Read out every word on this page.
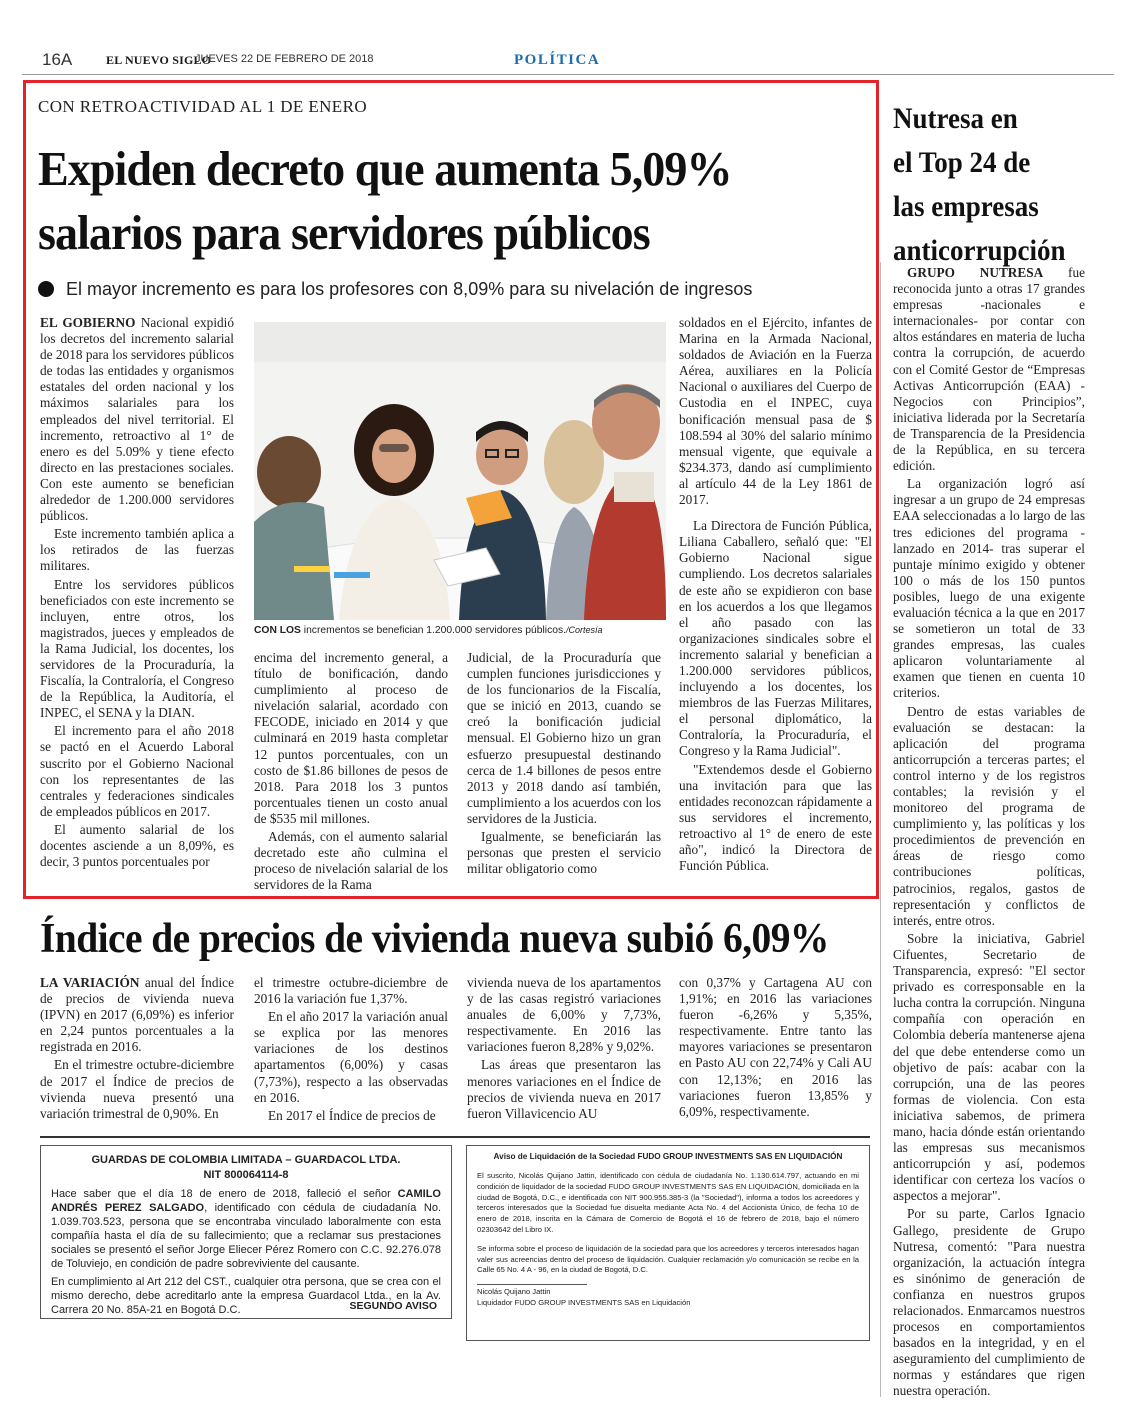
16A	EL NUEVO SIGLO
JUEVES 22 DE FEBRERO DE 2018	POLÍTICA
CON RETROACTIVIDAD AL 1 DE ENERO
Expiden decreto que aumenta 5,09%
salarios para servidores públicos
El mayor incremento es para los profesores con 8,09% para su nivelación de ingresos

EL GOBIERNO Nacional expidió los decretos del incremento salarial de 2018 para los servidores públicos de todas las entidades y organismos estatales del orden nacional y los máximos salariales para los empleados del nivel territorial. El incremento, retroactivo al 1° de enero es del 5.09% y tiene efecto directo en las prestaciones sociales. Con este aumento se benefician alrededor de 1.200.000 servidores públicos.

Este incremento también aplica a los retirados de las fuerzas militares.

Entre los servidores públicos beneficiados con este incremento se incluyen, entre otros, los magistrados, jueces y empleados de la Rama Judicial, los docentes, los servidores de la Procuraduría, la Fiscalía, la Contraloría, el Congreso de la República, la Auditoría, el INPEC, el SENA y la DIAN.

El incremento para el año 2018 se pactó en el Acuerdo Laboral suscrito por el Gobierno Nacional con los representantes de las centrales y federaciones sindicales de empleados públicos en 2017.

El aumento salarial de los docentes asciende a un 8,09%, es decir, 3 puntos porcentuales por

CON LOS incrementos se benefician 1.200.000 servidores públicos./Cortesía

encima del incremento general, a título de bonificación, dando cumplimiento al proceso de nivelación salarial, acordado con FECODE, iniciado en 2014 y que culminará en 2019 hasta completar 12 puntos porcentuales, con un costo de $1.86 billones de pesos de 2018. Para 2018 los 3 puntos porcentuales tienen un costo anual de $535 mil millones.

Además, con el aumento salarial decretado este año culmina el proceso de nivelación salarial de los servidores de la Rama

Judicial, de la Procuraduría que cumplen funciones jurisdicciones y de los funcionarios de la Fiscalía, que se inició en 2013, cuando se creó la bonificación judicial mensual. El Gobierno hizo un gran esfuerzo presupuestal destinando cerca de 1.4 billones de pesos entre 2013 y 2018 dando así también, cumplimiento a los acuerdos con los servidores de la Justicia.

Igualmente, se beneficiarán las personas que presten el servicio militar obligatorio como

soldados en el Ejército, infantes de Marina en la Armada Nacional, soldados de Aviación en la Fuerza Aérea, auxiliares en la Policía Nacional o auxiliares del Cuerpo de Custodia en el INPEC, cuya bonificación mensual pasa de $ 108.594 al 30% del salario mínimo mensual vigente, que equivale a $234.373, dando así cumplimiento al artículo 44 de la Ley 1861 de 2017.

La Directora de Función Pública, Liliana Caballero, señaló que: "El Gobierno Nacional sigue cumpliendo. Los decretos salariales de este año se expidieron con base en los acuerdos a los que llegamos el año pasado con las organizaciones sindicales sobre el incremento salarial y benefician a 1.200.000 servidores públicos, incluyendo a los docentes, los miembros de las Fuerzas Militares, el personal diplomático, la Contraloría, la Procuraduría, el Congreso y la Rama Judicial".

"Extendemos desde el Gobierno una invitación para que las entidades reconozcan rápidamente a sus servidores el incremento, retroactivo al 1° de enero de este año", indicó la Directora de Función Pública.

Nutresa en
el Top 24 de
las empresas
anticorrupción

GRUPO NUTRESA fue reconocida junto a otras 17 grandes empresas -nacionales e internacionales- por contar con altos estándares en materia de lucha contra la corrupción, de acuerdo con el Comité Gestor de “Empresas Activas Anticorrupción (EAA) - Negocios con Principios”, iniciativa liderada por la Secretaría de Transparencia de la Presidencia de la República, en su tercera edición.

La organización logró así ingresar a un grupo de 24 empresas EAA seleccionadas a lo largo de las tres ediciones del programa -lanzado en 2014- tras superar el puntaje mínimo exigido y obtener 100 o más de los 150 puntos posibles, luego de una exigente evaluación técnica a la que en 2017 se sometieron un total de 33 grandes empresas, las cuales aplicaron voluntariamente al examen que tienen en cuenta 10 criterios.

Dentro de estas variables de evaluación se destacan: la aplicación del programa anticorrupción a terceras partes; el control interno y de los registros contables; la revisión y el monitoreo del programa de cumplimiento y, las políticas y los procedimientos de prevención en áreas de riesgo como contribuciones políticas, patrocinios, regalos, gastos de representación y conflictos de interés, entre otros.

Sobre la iniciativa, Gabriel Cifuentes, Secretario de Transparencia, expresó: "El sector privado es corresponsable en la lucha contra la corrupción. Ninguna compañía con operación en Colombia debería mantenerse ajena del que debe entenderse como un objetivo de país: acabar con la corrupción, una de las peores formas de violencia. Con esta iniciativa sabemos, de primera mano, hacia dónde están orientando las empresas sus mecanismos anticorrupción y así, podemos identificar con certeza los vacíos o aspectos a mejorar".

Por su parte, Carlos Ignacio Gallego, presidente de Grupo Nutresa, comentó: "Para nuestra organización, la actuación íntegra es sinónimo de generación de confianza en nuestros grupos relacionados. Enmarcamos nuestros procesos en comportamientos basados en la integridad, y en el aseguramiento del cumplimiento de normas y estándares que rigen nuestra operación.

Índice de precios de vivienda nueva subió 6,09%

LA VARIACIÓN anual del Índice de precios de vivienda nueva (IPVN) en 2017 (6,09%) es inferior en 2,24 puntos porcentuales a la registrada en 2016.

En el trimestre octubre-diciembre de 2017 el Índice de precios de vivienda nueva presentó una variación trimestral de 0,90%. En

el trimestre octubre-diciembre de 2016 la variación fue 1,37%.

En el año 2017 la variación anual se explica por las menores variaciones de los destinos apartamentos (6,00%) y casas (7,73%), respecto a las observadas en 2016.

En 2017 el Índice de precios de

vivienda nueva de los apartamentos y de las casas registró variaciones anuales de 6,00% y 7,73%, respectivamente. En 2016 las variaciones fueron 8,28% y 9,02%.

Las áreas que presentaron las menores variaciones en el Índice de precios de vivienda nueva en 2017 fueron Villavicencio AU

con 0,37% y Cartagena AU con 1,91%; en 2016 las variaciones fueron -6,26% y 5,35%, respectivamente. Entre tanto las mayores variaciones se presentaron en Pasto AU con 22,74% y Cali AU con 12,13%; en 2016 las variaciones fueron 13,85% y 6,09%, respectivamente.

GUARDAS DE COLOMBIA LIMITADA – GUARDACOL LTDA.
NIT 800064114-8
Hace saber que el día 18 de enero de 2018, falleció el señor CAMILO ANDRÉS PEREZ SALGADO, identificado con cédula de ciudadanía No. 1.039.703.523, persona que se encontraba vinculado laboralmente con esta compañía hasta el día de su fallecimiento; que a reclamar sus prestaciones sociales se presentó el señor Jorge Eliecer Pérez Romero con C.C. 92.276.078 de Toluviejo, en condición de padre sobreviviente del causante.
En cumplimiento al Art 212 del CST., cualquier otra persona, que se crea con el mismo derecho, debe acreditarlo ante la empresa Guardacol Ltda., en la Av. Carrera 20 No. 85A-21 en Bogotá D.C.	SEGUNDO AVISO
Aviso de Liquidación de la Sociedad FUDO GROUP INVESTMENTS SAS EN LIQUIDACIÓN
El suscrito, Nicolás Quijano Jattin, identificado con cédula de ciudadanía No. 1.130.614.797, actuando en mi condición de liquidador de la sociedad FUDO GROUP INVESTMENTS SAS EN LIQUIDACIÓN, domiciliada en la ciudad de Bogotá, D.C., e identificada con NIT 900.955.385-3 (la "Sociedad"), informa a todos los acreedores y terceros interesados que la Sociedad fue disuelta mediante Acta No. 4 del Accionista Único, de fecha 10 de enero de 2018, inscrita en la Cámara de Comercio de Bogotá el 16 de febrero de 2018, bajo el número 02303642 del Libro IX.
Se informa sobre el proceso de liquidación de la sociedad para que los acreedores y terceros interesados hagan valer sus acreencias dentro del proceso de liquidación. Cualquier reclamación y/o comunicación se recibe en la Calle 65 No. 4 A - 96, en la ciudad de Bogotá, D.C.
Nicolás Quijano Jattin
Liquidador FUDO GROUP INVESTMENTS SAS en Liquidación
